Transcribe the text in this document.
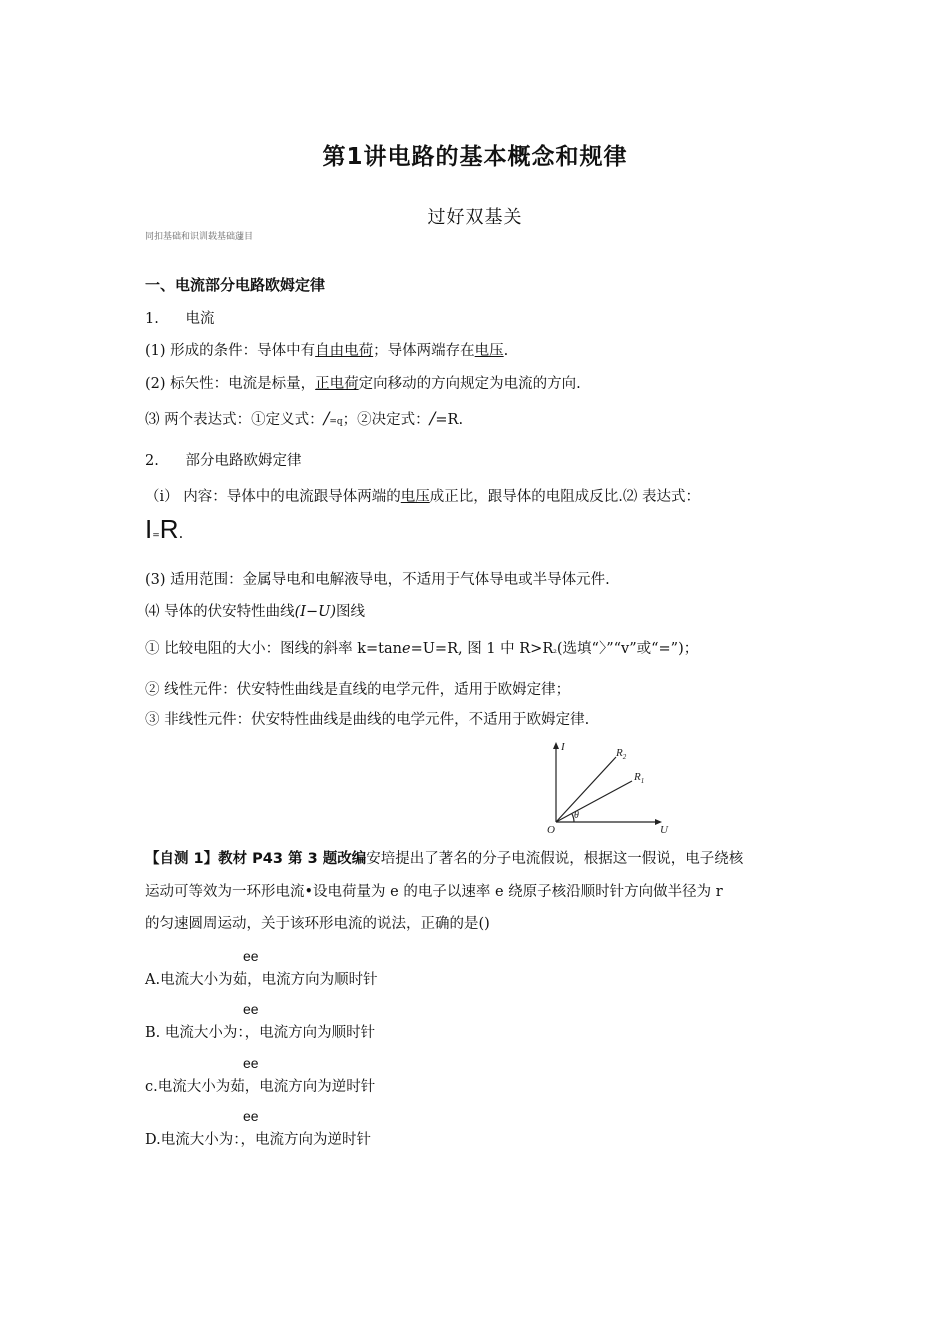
第1讲电路的基本概念和规律
过好双基关
同扣基础和识训载基础蘧目
一、电流部分电路欧姆定律
1. 电流
(1) 形成的条件：导体中有自由电荷；导体两端存在电压.
(2) 标矢性：电流是标量，正电荷定向移动的方向规定为电流的方向.
⑶ 两个表达式：①定义式：/=q；②决定式：/=R.
2. 部分电路欧姆定律
（i） 内容：导体中的电流跟导体两端的电压成正比，跟导体的电阻成反比.⑵ 表达式：
I=R.
(3) 适用范围：金属导电和电解液导电，不适用于气体导电或半导体元件.
⑷ 导体的伏安特性曲线(I−U)图线
① 比较电阻的大小：图线的斜率 k=tane=U=R, 图 1 中 R>R₂(选填“〉”“v”或“=”)；
② 线性元件：伏安特性曲线是直线的电学元件，适用于欧姆定律；
③ 非线性元件：伏安特性曲线是曲线的电学元件，不适用于欧姆定律.
I
U
O
$R_2$
$R_1$
θ
【自测 1】教材 P43 第 3 题改编安培提出了著名的分子电流假说，根据这一假说，电子绕核
运动可等效为一环形电流•设电荷量为 e 的电子以速率 e 绕原子核沿顺时针方向做半径为 r
的匀速圆周运动，关于该环形电流的说法，正确的是()
ee
A.电流大小为茹，电流方向为顺时针
ee
B. 电流大小为：，电流方向为顺时针
ee
c.电流大小为茹，电流方向为逆时针
ee
D.电流大小为：，电流方向为逆时针
